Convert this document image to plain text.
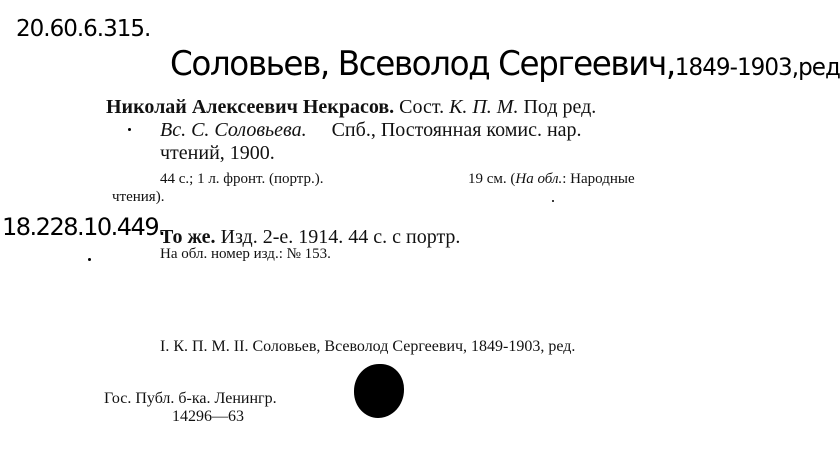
20.60.6.315.
Соловьев, Всеволод Сергеевич,1849-1903,ред
Николай Алексеевич Некрасов. Сост. К. П. М. Под ред.
Вс. С. Соловьева. Спб., Постоянная комис. нар.
чтений, 1900.
44 с.; 1 л. фронт. (портр.).	19 см. (На обл.: Народные
чтения).
18.228.10.449.
То же. Изд. 2-е. 1914. 44 с. с портр.
На обл. номер изд.: № 153.
I. К. П. М. II. Соловьев, Всеволод Сергеевич, 1849-1903, ред.
Гос. Публ. б-ка. Ленингр.
14296—63
